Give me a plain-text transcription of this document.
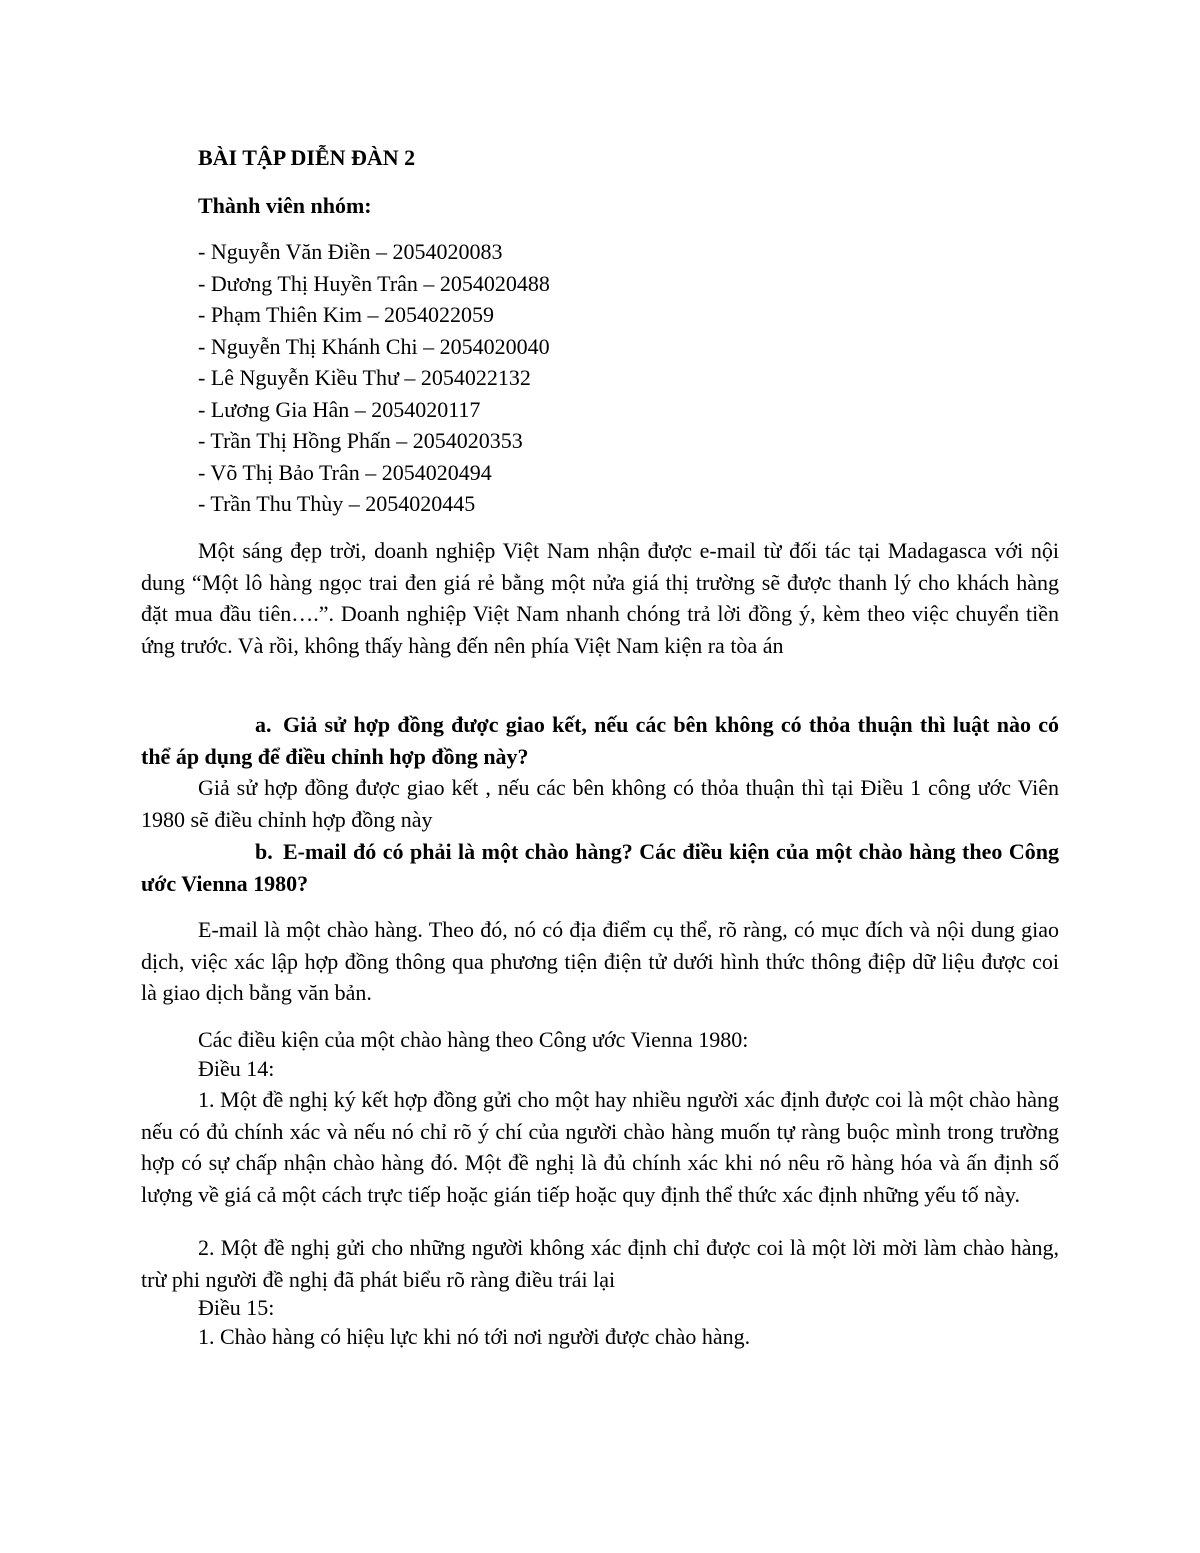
BÀI TẬP DIỄN ĐÀN 2
Thành viên nhóm:
- Nguyễn Văn Điền – 2054020083
- Dương Thị Huyền Trân – 2054020488
- Phạm Thiên Kim – 2054022059
- Nguyễn Thị Khánh Chi – 2054020040
- Lê Nguyễn Kiều Thư – 2054022132
- Lương Gia Hân – 2054020117
- Trần Thị Hồng Phấn – 2054020353
- Võ Thị Bảo Trân – 2054020494
- Trần Thu Thùy – 2054020445

Một sáng đẹp trời, doanh nghiệp Việt Nam nhận được e-mail từ đối tác tại Madagasca với nội dung “Một lô hàng ngọc trai đen giá rẻ bằng một nửa giá thị trường sẽ được thanh lý cho khách hàng đặt mua đầu tiên….”. Doanh nghiệp Việt Nam nhanh chóng trả lời đồng ý, kèm theo việc chuyển tiền ứng trước. Và rồi, không thấy hàng đến nên phía Việt Nam kiện ra tòa án

a. Giả sử hợp đồng được giao kết, nếu các bên không có thỏa thuận thì luật nào có thể áp dụng để điều chỉnh hợp đồng này?

Giả sử hợp đồng được giao kết , nếu các bên không có thỏa thuận thì tại Điều 1 công ước Viên 1980 sẽ điều chỉnh hợp đồng này

b. E-mail đó có phải là một chào hàng? Các điều kiện của một chào hàng theo Công ước Vienna 1980?

E-mail là một chào hàng. Theo đó, nó có địa điểm cụ thể, rõ ràng, có mục đích và nội dung giao dịch, việc xác lập hợp đồng thông qua phương tiện điện tử dưới hình thức thông điệp dữ liệu được coi là giao dịch bằng văn bản.

Các điều kiện của một chào hàng theo Công ước Vienna 1980:

Điều 14:

1. Một đề nghị ký kết hợp đồng gửi cho một hay nhiều người xác định được coi là một chào hàng nếu có đủ chính xác và nếu nó chỉ rõ ý chí của người chào hàng muốn tự ràng buộc mình trong trường hợp có sự chấp nhận chào hàng đó. Một đề nghị là đủ chính xác khi nó nêu rõ hàng hóa và ấn định số lượng về giá cả một cách trực tiếp hoặc gián tiếp hoặc quy định thể thức xác định những yếu tố này.

2. Một đề nghị gửi cho những người không xác định chỉ được coi là một lời mời làm chào hàng, trừ phi người đề nghị đã phát biểu rõ ràng điều trái lại

Điều 15:

1. Chào hàng có hiệu lực khi nó tới nơi người được chào hàng.
